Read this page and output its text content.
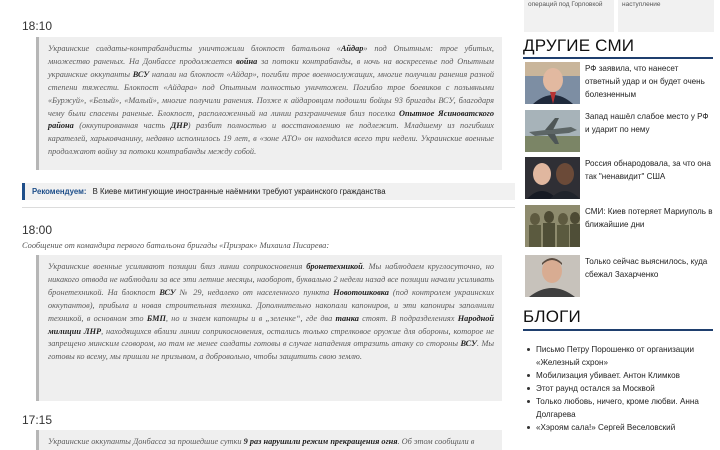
18:10
Украинские солдаты-контрабандисты уничтожили блокпост батальона «Айдар» под Опытным: трое убитых, множество раненых. На Донбассе продолжается война за потоки контрабанды, в ночь на воскресенье под Опытным украинские оккупанты ВСУ напали на блокпост «Айдар», погибли трое военнослужащих, многие получили ранения разной степени тяжести. Блокпост «Айдара» под Опытным полностью уничтожен. Погибло трое боевиков с позывными «Буржуй», «Белый», «Малый», многие получили ранения. Позже к айдаровцам подошли бойцы 93 бригады ВСУ, благодаря чему были спасены раненые. Блокпост, расположенный на линии разграничения близ поселка Опытное Ясиноватского района (оккупированная часть ДНР) разбит полностью и восстановлению не подлежит. Младшему из погибших карателей, харьковчанину, недавно исполнилось 19 лет, в «зоне АТО» он находился всего три недели. Украинские военные продолжают войну за потоки контрабанды между собой.
Рекомендуем: В Киеве митингующие иностранные наёмники требуют украинского гражданства
18:00
Сообщение от командира первого батальона бригады «Призрак» Михаила Писарева:
Украинские военные усиливают позиции близ линии соприкосновения бронетехникой. Мы наблюдаем круглосуточно, но никакого отвода не наблюдали за все эти летние месяцы, наоборот, буквально 2 недели назад все позиции начали усиливать бронетехникой. На блокпост ВСУ № 29, недалеко от населенного пункта Новотошковка (под контролем украинских оккупантов), прибыла и новая строительная техника. Дополнительно накопали капониров, и эти капониры заполнили техникой, в основном это БМП, но и знаем капониры и в „зеленке“, где два танка стоят. В подразделениях Народной милиции ЛНР, находящихся вблизи линии соприкосновения, остались только стрелковое оружие для обороны, которое не запрещено минским сговором, но там не менее солдаты готовы в случае нападения отразить атаку со стороны ВСУ. Мы готовы ко всему, мы пришли не призывом, а добровольно, чтобы защитить свою землю.
17:15
Украинские оккупанты Донбасса за прошедшие сутки 9 раз нарушили режим прекращения огня. Об этом сообщили в
операций под Горловкой	наступление
ДРУГИЕ СМИ
РФ заявила, что нанесет ответный удар и он будет очень болезненным
Запад нашёл слабое место у РФ и ударит по нему
Россия обнародовала, за что она так "ненавидит" США
СМИ: Киев потеряет Мариуполь в ближайшие дни
Только сейчас выяснилось, куда сбежал Захарченко
БЛОГИ
Письмо Петру Порошенко от организации «Железный схрон»
Мобилизация убивает. Антон Климков
Этот раунд остался за Москвой
Только любовь, ничего, кроме любви. Анна Долгарева
«Хэроям сала!» Сергей Веселовский
